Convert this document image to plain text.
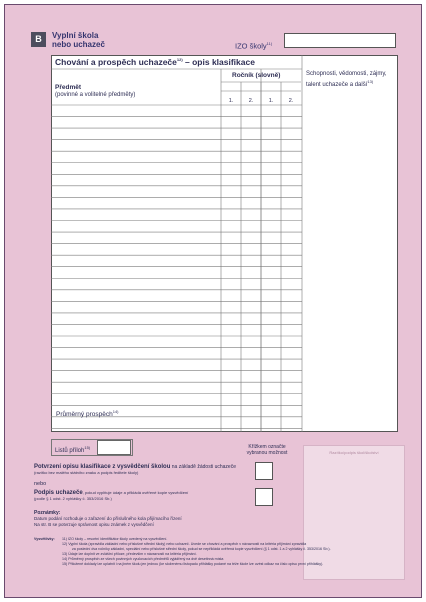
B	Vyplní škola
nebo uchazeč	IZO školy$^{11)}$
Chování a prospěch uchazeče$^{12)}$ – opis klasifikace
Ročník (slovně)
Předmět
(povinné a volitelné předměty)
Schopnosti, vědomosti, zájmy, talent uchazeče a další$^{13)}$
1.	2.	1.	2.
Průměrný prospěch$^{14)}$
Listů příloh$^{15)}$	Křížkem označte
vybranou možnost	Razítko/podpis škol/školství
Potvrzení opisu klasifikace z vysvědčení školou na základě žádosti uchazeče
(razítko bez malého státního znaku a podpis ředitele školy)
nebo
Podpis uchazeče, pokud vyplňuje údaje a přikládá ověřené kopie vysvědčení
(podle § 1 odst. 2 vyhlášky č. 353/2016 Sb.)
Poznámky:
Datum podání rozhoduje o zařazení do příslušného kola přijímacího řízení
Na str. B se potvrzuje správnost opisu známek z vysvědčení
Vysvětlivky: 11) IZO školy – resortní identifikátor školy uvedený na vysvědčení.
12) Vyplní škola (zpravidla základní nebo příslušné střední školy) nebo uchazeč. Uvede se chování a prospěch v návaznosti na kritéria přijímání zpravidla
za poslední dva ročníky základní, speciální nebo příslušné střední školy, pokud se nepřikládá ověřená kopie vysvědčení (§ 1 odst. 1 a 2 vyhlášky č. 353/2016 Sb.).
13) Údaje lze doplnit ve zvláštní příloze, předevšim v návaznosti na kritéria přijímání.
14) Průměrný prospěch ze všech povinných vyučovacích předmětů vyjádřený na dvě desetinná místa
15) Přiložené doklady lze uplatnit i na jiném školu jen jednou (ke složenému listopadu přihlášky podané na téže škole lze uvést odkaz na číslo opisu první přihlášky).
